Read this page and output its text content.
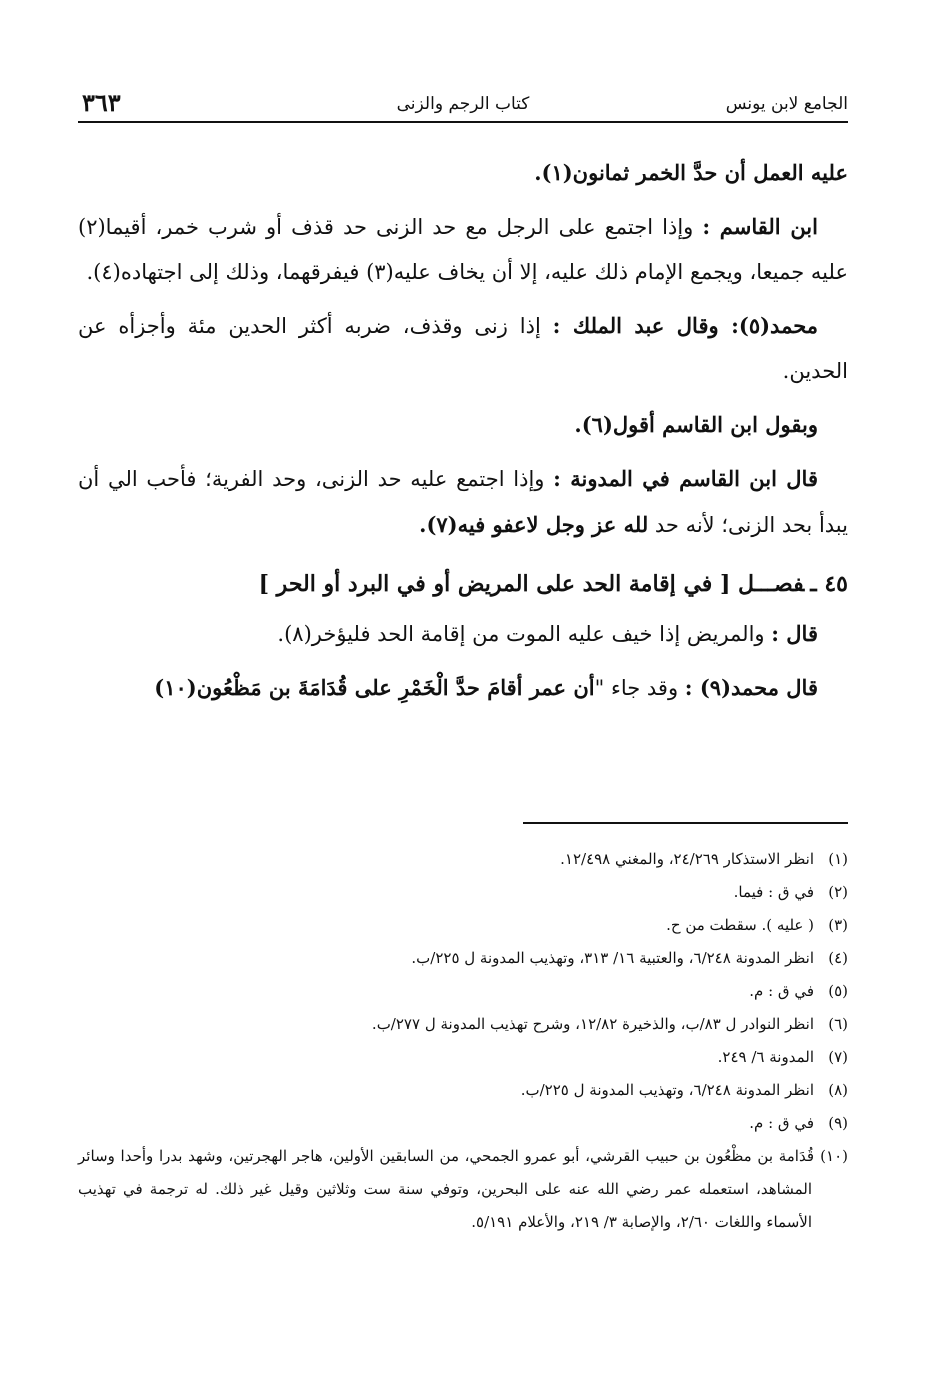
الجامع لابن يونس
كتاب الرجم والزنى
٣٦٣

عليه العمل أن حدَّ الخمر ثمانون(١).

ابن القاسم : وإذا اجتمع على الرجل مع حد الزنى حد قذف أو شرب خمر، أقيما(٢) عليه جميعا، ويجمع الإمام ذلك عليه، إلا أن يخاف عليه(٣) فيفرقهما، وذلك إلى اجتهاده(٤).

محمد(٥): وقال عبد الملك : إذا زنى وقذف، ضربه أكثر الحدين مئة وأجزأه عن الحدين.

وبقول ابن القاسم أقول(٦).

قال ابن القاسم في المدونة : وإذا اجتمع عليه حد الزنى، وحد الفرية؛ فأحب الي أن يبدأ بحد الزنى؛ لأنه حد لله عز وجل لاعفو فيه(٧).

٤٥ ـفصـــل [ في إقامة الحد على المريض أو في البرد أو الحر ]

قال : والمريض إذا خيف عليه الموت من إقامة الحد فليؤخر(٨).

قال محمد(٩) : وقد جاء "أن عمر أقامَ حدَّ الْخَمْرِ على قُدَامَةَ بن مَظْعُون(١٠)

(١)انظر الاستذكار ٢٤/٢٦٩، والمغني ١٢/٤٩٨.

(٢)في ق : فيما.

(٣)( عليه ). سقطت من ح.

(٤)انظر المدونة ٦/٢٤٨، والعتبية ١٦/ ٣١٣، وتهذيب المدونة ل ٢٢٥/ب.

(٥)في ق : م.

(٦)انظر النوادر ل ٨٣/ب، والذخيرة ١٢/٨٢، وشرح تهذيب المدونة ل ٢٧٧/ب.

(٧)المدونة ٦/ ٢٤٩.

(٨)انظر المدونة ٦/٢٤٨، وتهذيب المدونة ل ٢٢٥/ب.

(٩)في ق : م.

(١٠)قُدَامة بن مظْعُون بن حبيب القرشي، أبو عمرو الجمحي، من السابقين الأولين، هاجر الهجرتين، وشهد بدرا وأحدا وسائر المشاهد، استعمله عمر رضي الله عنه على البحرين، وتوفي سنة ست وثلاثين وقيل غير ذلك. له ترجمة في تهذيب الأسماء واللغات ٢/٦٠، والإصابة ٣/ ٢١٩، والأعلام ٥/١٩١.
